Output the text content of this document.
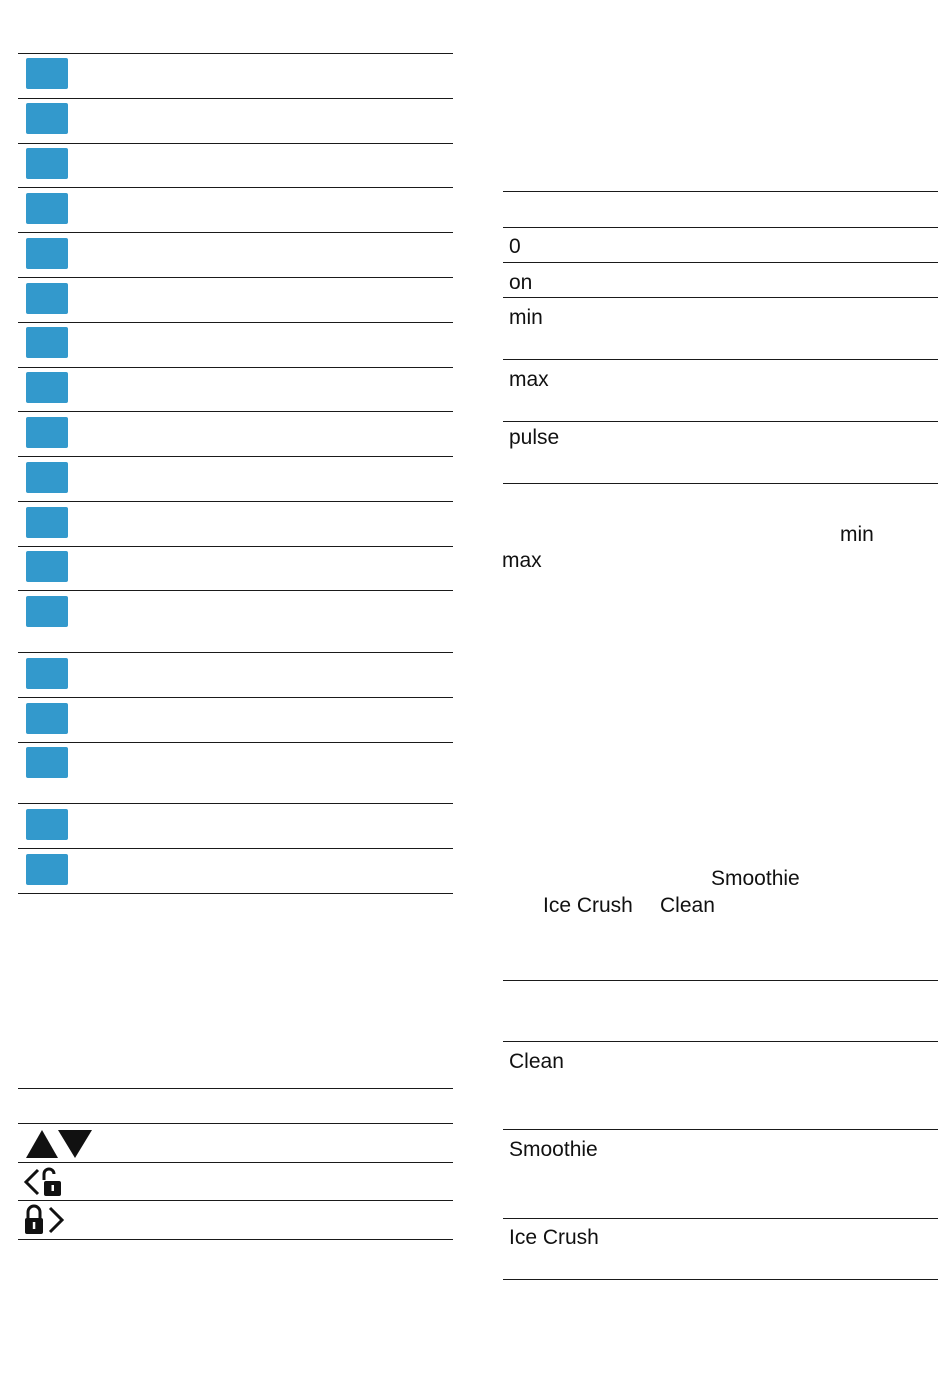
0
on
min
max
pulse
min
max
Smoothie
Ice Crush Clean
Clean
Smoothie
Ice Crush
